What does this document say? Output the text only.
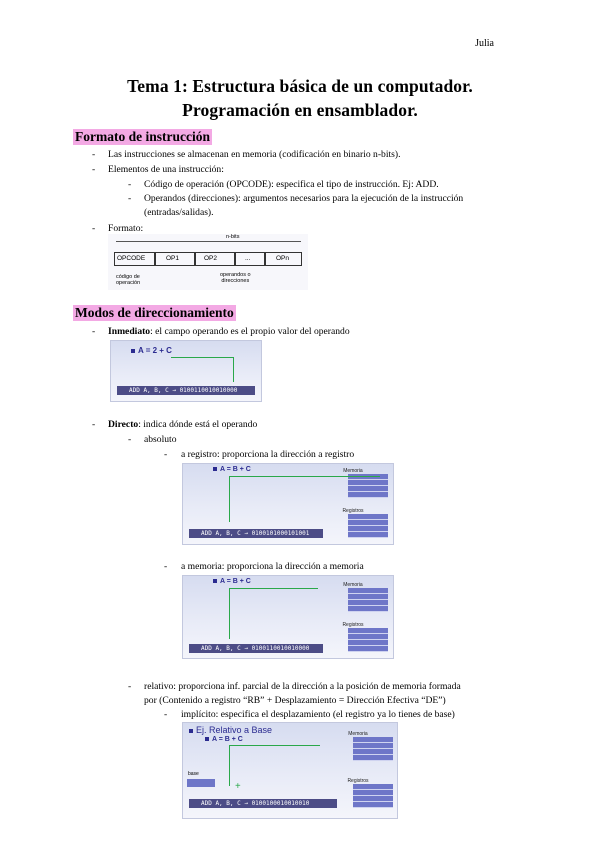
Julia
Tema 1: Estructura básica de un computador.
Programación en ensamblador.
Formato de instrucción
- Las instrucciones se almacenan en memoria (codificación en binario n-bits).
- Elementos de una instrucción:
- Código de operación (OPCODE): especifica el tipo de instrucción. Ej: ADD.
- Operandos (direcciones): argumentos necesarios para la ejecución de la instrucción
(entradas/salidas).
- Formato:
n-bits
OPCODE	OP1	OP2	...	OPn
código de
operación
operandos o
direcciones
Modos de direccionamiento
- Inmediato: el campo operando es el propio valor del operando
A = 2 + C
ADD A, B, C → 0100110010010000
- Directo: indica dónde está el operando
- absoluto
- a registro: proporciona la dirección a registro
A = B + C	Memoria
Registros
ADD A, B, C → 0100101000101001
- a memoria: proporciona la dirección a memoria
A = B + C	Memoria
Registros
ADD A, B, C → 0100110010010000
- relativo: proporciona inf. parcial de la dirección a la posición de memoria formada
por (Contenido a registro “RB” + Desplazamiento = Dirección Efectiva “DE”)
- implícito: especifica el desplazamiento (el registro ya lo tienes de base)
Ej. Relativo a Base
A = B + C
Memoria
Registros
base
+
ADD A, B, C → 0100100010010010
